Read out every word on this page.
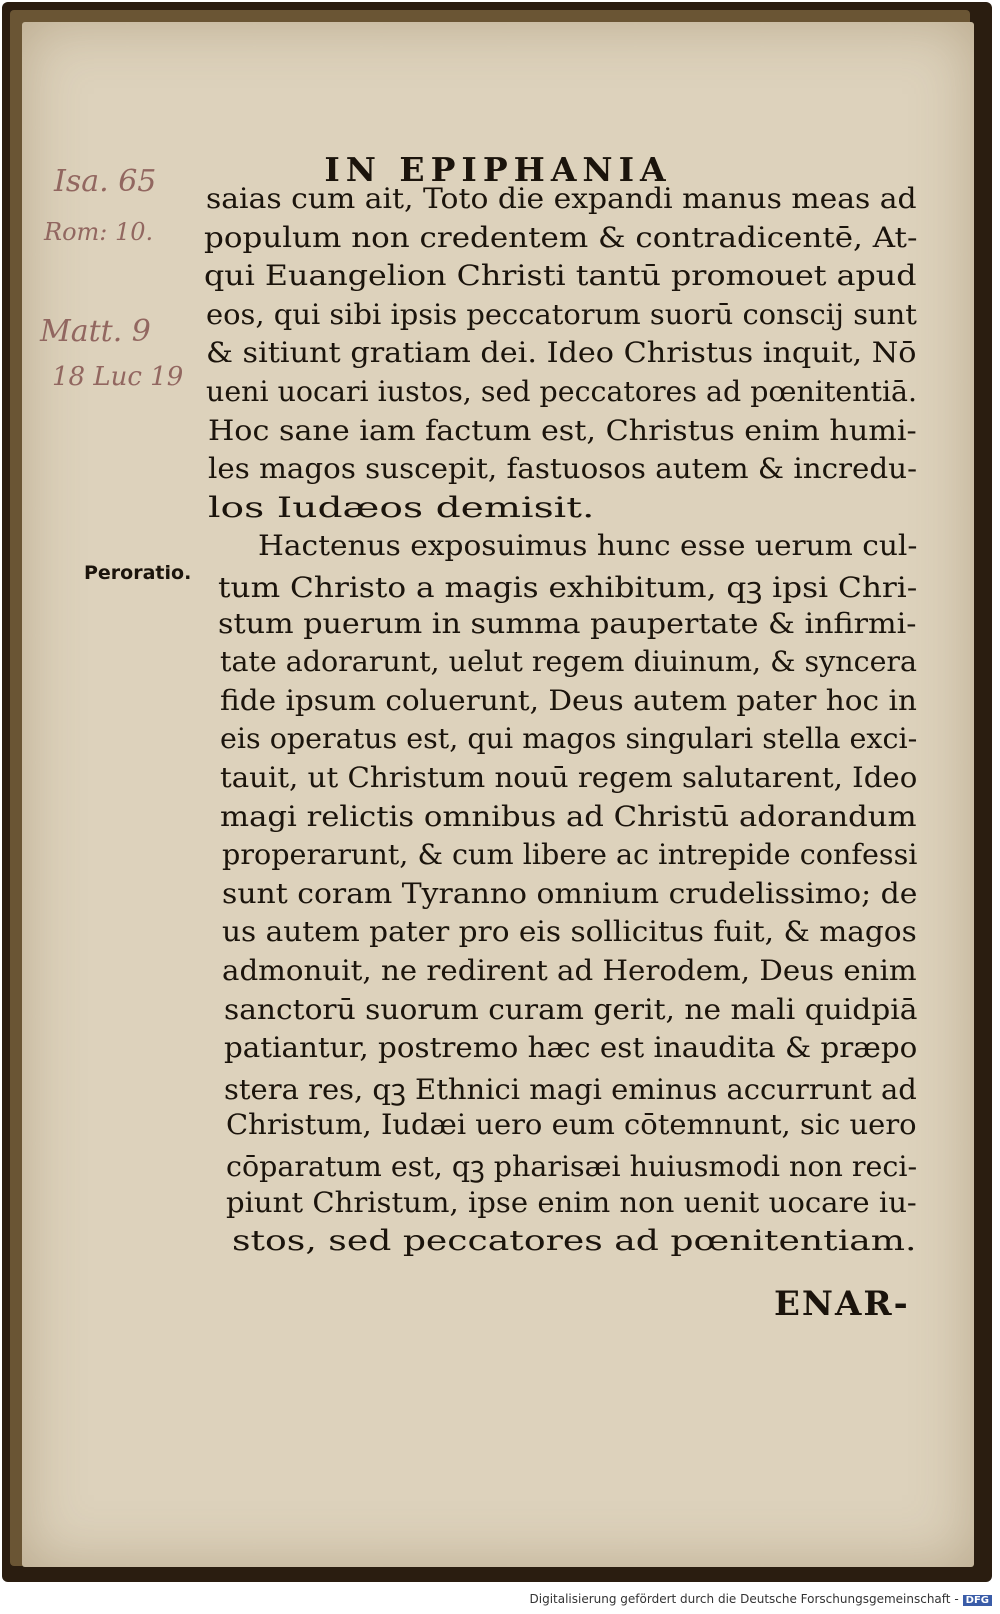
IN EPIPHANIA
Isa. 65
Rom: 10.
Matt. 9
18 Luc 19
Peroratio.
saias cum ait, Toto die expandi manus meas ad
populum non credentem & contradicentē, At-
qui Euangelion Christi tantū promouet apud
eos, qui sibi ipsis peccatorum suorū conscij sunt
& sitiunt gratiam dei. Ideo Christus inquit, Nō
ueni uocari iustos, sed peccatores ad pœnitentiā.
Hoc sane iam factum est, Christus enim humi-
les magos suscepit, fastuosos autem & incredu-
los Iudæos demisit.
Hactenus exposuimus hunc esse uerum cul-
tum Christo a magis exhibitum, qꝫ ipsi Chri-
stum puerum in summa paupertate & infirmi-
tate adorarunt, uelut regem diuinum, & syncera
fide ipsum coluerunt, Deus autem pater hoc in
eis operatus est, qui magos singulari stella exci-
tauit, ut Christum nouū regem salutarent, Ideo
magi relictis omnibus ad Christū adorandum
properarunt, & cum libere ac intrepide confessi
sunt coram Tyranno omnium crudelissimo; de
us autem pater pro eis sollicitus fuit, & magos
admonuit, ne redirent ad Herodem, Deus enim
sanctorū suorum curam gerit, ne mali quidpiā
patiantur, postremo hæc est inaudita & præpo
stera res, qꝫ Ethnici magi eminus accurrunt ad
Christum, Iudæi uero eum cōtemnunt, sic uero
cōparatum est, qꝫ pharisæi huiusmodi non reci-
piunt Christum, ipse enim non uenit uocare iu-
stos, sed peccatores ad pœnitentiam.
ENAR-
Digitalisierung gefördert durch die Deutsche Forschungsgemeinschaft - DFG
